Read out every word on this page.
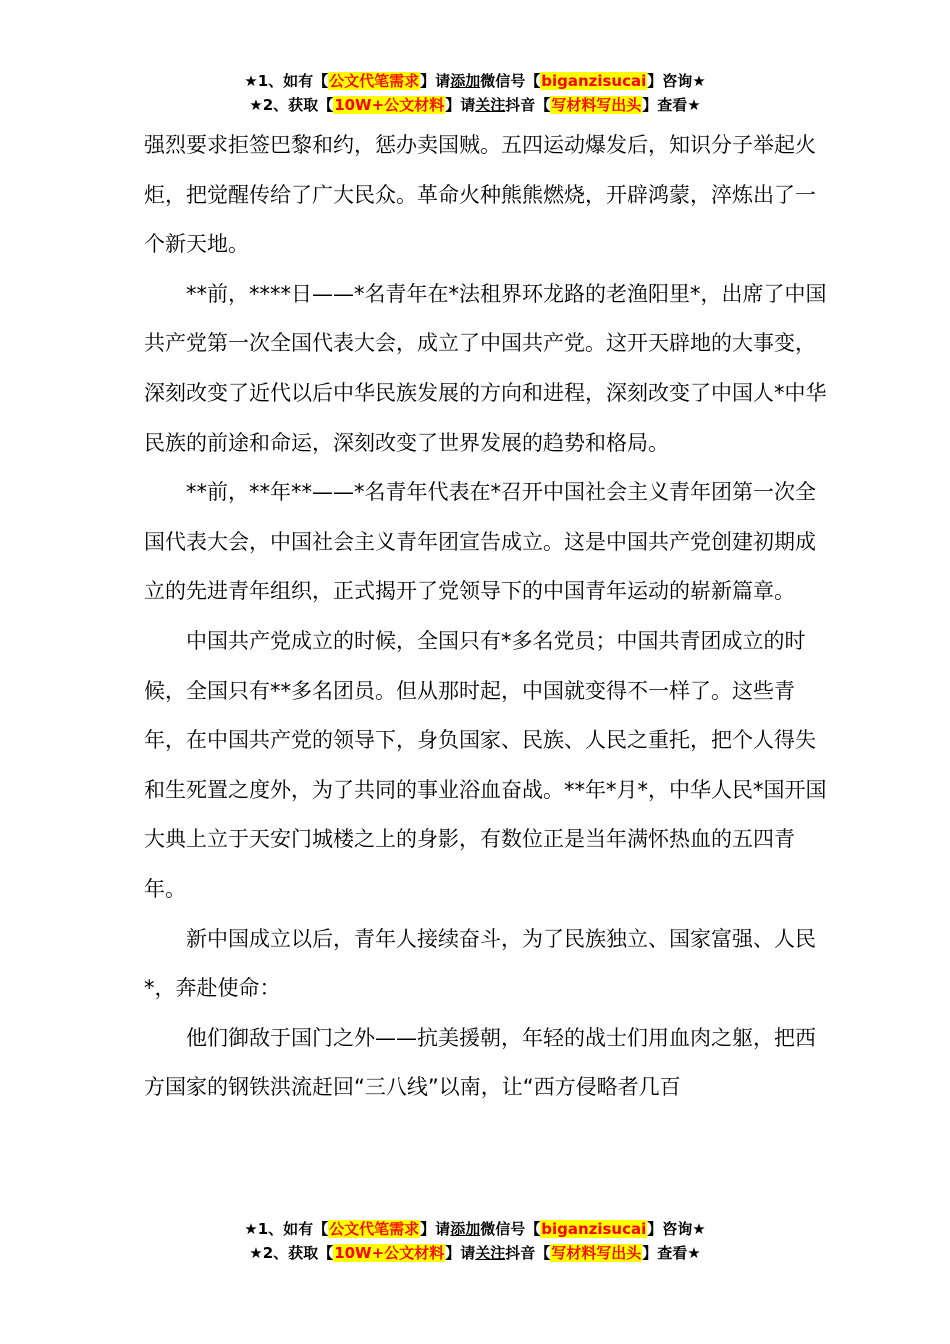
★1、如有【公文代笔需求】请添加微信号【biganzisucai】咨询★
★2、获取【10W+公文材料】请关注抖音【写材料写出头】查看★

强烈要求拒签巴黎和约，惩办卖国贼。五四运动爆发后，知识分子举起火炬，把觉醒传给了广大民众。革命火种熊熊燃烧，开辟鸿蒙，淬炼出了一个新天地。

**前，****日——*名青年在*法租界环龙路的老渔阳里*，出席了中国共产党第一次全国代表大会，成立了中国共产党。这开天辟地的大事变，深刻改变了近代以后中华民族发展的方向和进程，深刻改变了中国人*中华民族的前途和命运，深刻改变了世界发展的趋势和格局。

**前，**年**——*名青年代表在*召开中国社会主义青年团第一次全国代表大会，中国社会主义青年团宣告成立。这是中国共产党创建初期成立的先进青年组织，正式揭开了党领导下的中国青年运动的崭新篇章。

中国共产党成立的时候，全国只有*多名党员；中国共青团成立的时候，全国只有**多名团员。但从那时起，中国就变得不一样了。这些青年，在中国共产党的领导下，身负国家、民族、人民之重托，把个人得失和生死置之度外，为了共同的事业浴血奋战。**年*月*，中华人民*国开国大典上立于天安门城楼之上的身影，有数位正是当年满怀热血的五四青年。

新中国成立以后，青年人接续奋斗，为了民族独立、国家富强、人民*，奔赴使命：

他们御敌于国门之外——抗美援朝，年轻的战士们用血肉之躯，把西方国家的钢铁洪流赶回“三八线”以南，让“西方侵略者几百

★1、如有【公文代笔需求】请添加微信号【biganzisucai】咨询★
★2、获取【10W+公文材料】请关注抖音【写材料写出头】查看★
